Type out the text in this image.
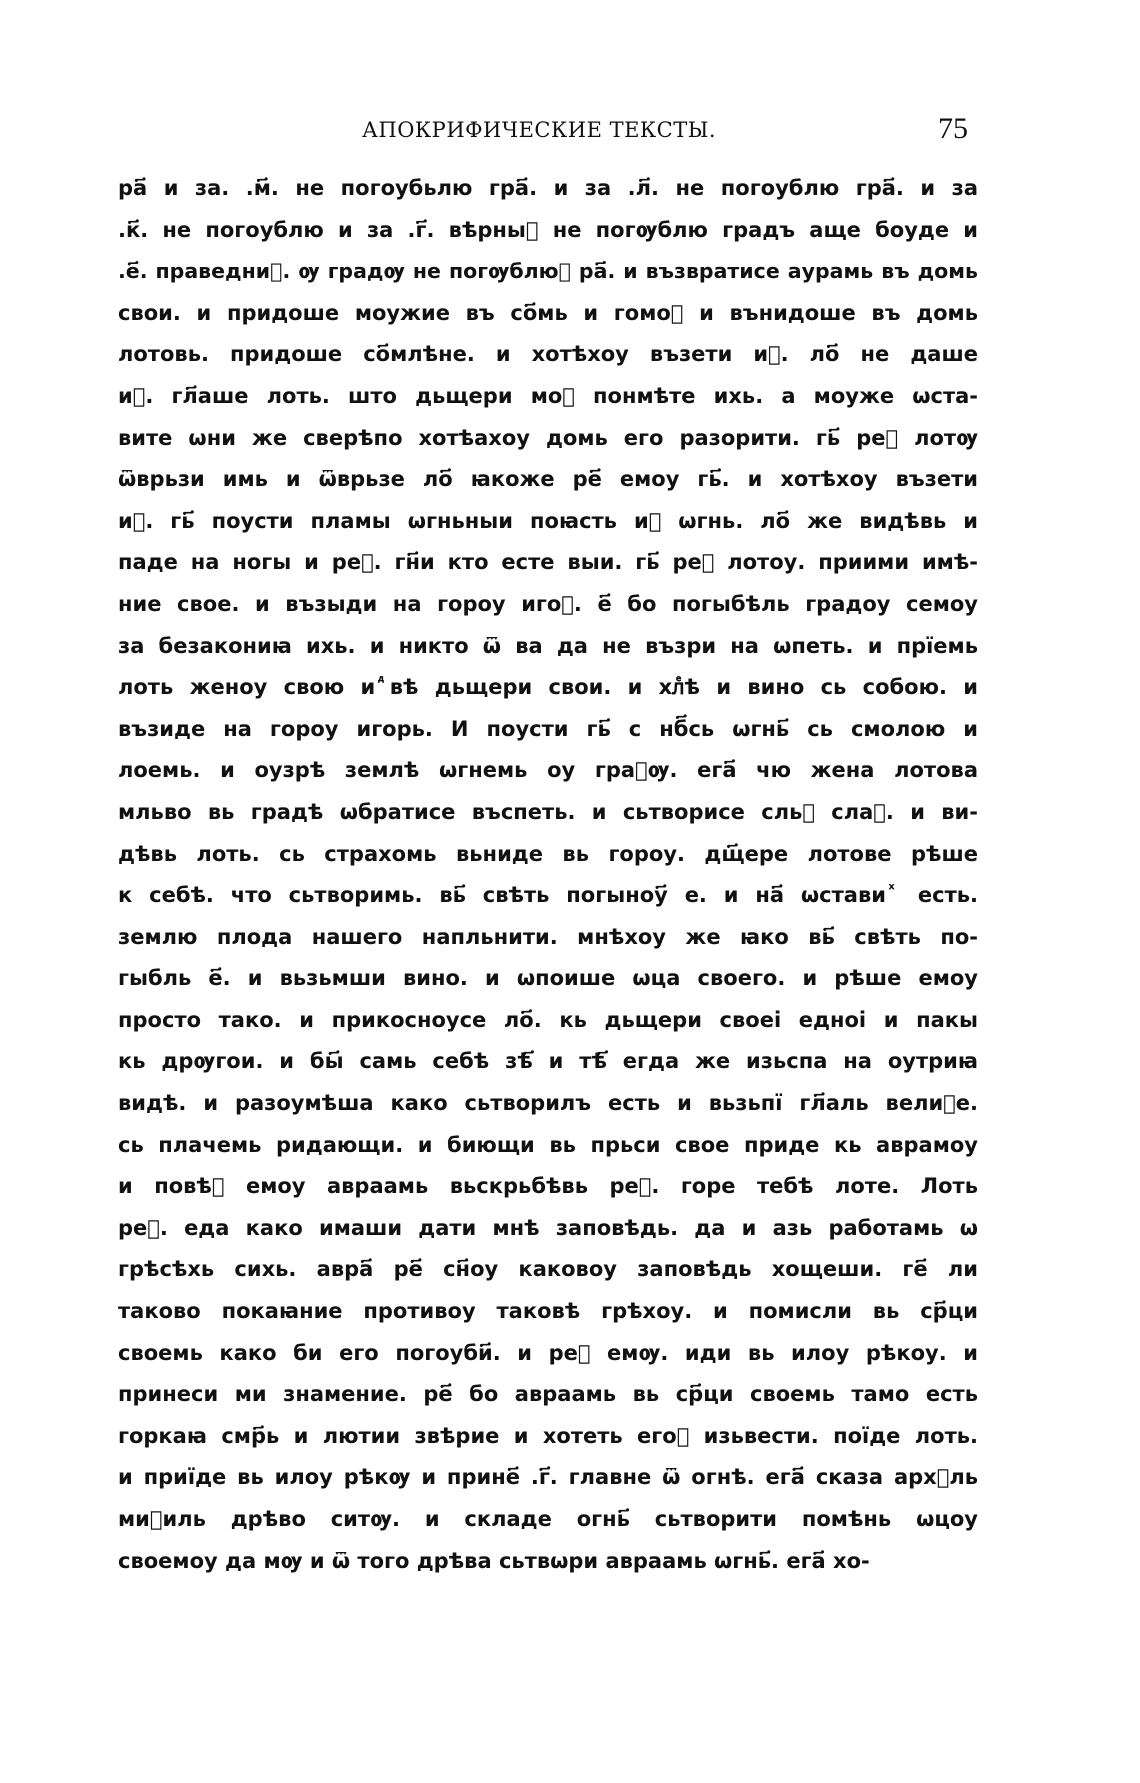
АПОКРИФИЧЕСКИЕ ТЕКСТЫ.	75
ра҃ и за. .м҃. не погоубьлю гра҃. и за .л҃. не погоублю гра҃. и за
.к҃. не погоублю и за .г҃. вѣрныⷯ не погѹблю градъ аще боуде и
.е҃. праведниⷦ. ѹ градѹ не погѹблюⷢ ра҃. и възвратисе аурамь въ домь
свои. и придоше моужие въ со҃мь и гомоⷬ и вънидоше въ домь
лотовь. придоше со҃млѣне. и хотѣхоу възети иⷯ. ло҃ не даше
иⷯ. гл҃аше лоть. што дьщери моⷪ понмѣте ихь. а моуже ѡста-
вите ѡни же сверѣпо хотѣахоу домь его разорити. гь҃ реⷱ лотѹ
ѿврьзи имь и ѿврьзе ло҃ ꙗкоже ре҃ емоу гь҃. и хотѣхоу възети
иⷯ. гь҃ поусти пламы ѡгньныи поꙗсть иⷯ ѡгнь. ло҃ же видѣвь и
паде на ногы и реⷱ. гн҃и кто есте выи. гь҃ реⷱ лотоу. приими имѣ-
ние свое. и възыди на гороу игоⷬ. е҃ бо погыбѣль градоу семоу
за безакониꙗ ихь. и никто ѿ ва да не възри на ѡпеть. и прїемь
лоть женоу свою и ⷣвѣ дьщери свои. и хлⷷѣ и вино сь собою. и
възиде на гороу игорь. И поусти гь҃ с нб҃сь ѡгнь҃ сь смолою и
лоемь. и оузрѣ землѣ ѡгнемь оу граⷣѹ. ега҃ чю жена лотова
мльво вь градѣ ѡбратисе въспеть. и сьтворисе сльⷫ слаⷩ. и ви-
дѣвь лоть. сь страхомь вьниде вь гороу. дщ҃ере лотове рѣше
к себѣ. что сьтворимь. вь҃ свѣть погыноу҃ е. и на҃ ѡстави ⷯ есть.
землю плода нашего напльнити. мнѣхоу же ꙗко вь҃ свѣть по-
гыбль е҃. и вьзьмши вино. и ѡпоише ѡца своего. и рѣше емоу
просто тако. и прикосноусе ло҃. кь дьщери своеі едноі и пакы
кь дрѹгои. и бы҃ самь себѣ зѣ҃ и тѣ҃ егда же изьспа на оутриꙗ
видѣ. и разоумѣша како сьтворилъ есть и вьзьпї гл҃аль велиⷷе.
сь плачемь ридающи. и биющи вь прьси свое приде кь аврамоу
и повѣⷭ емоу авраамь вьскрьбѣвь реⷱ. горе тебѣ лоте. Лоть
реⷱ. еда како имаши дати мнѣ заповѣдь. да и азь работамь ѡ
грѣсѣхь сихь. авра҃ ре҃ сн҃оу каковоу заповѣдь хощеши. ге҃ ли
таково покаꙗние противоу таковѣ грѣхоу. и помисли вь ср҃ци
своемь како би его погоуби҃. и реⷱ емѹ. иди вь илоу рѣкоу. и
принеси ми знамение. ре҃ бо авраамь вь ср҃ци своемь тамо есть
горкаꙗ смр҃ь и лютии звѣрие и хотеть егоⷪ изьвести. поїде лоть.
и приїде вь илоу рѣкѹ и прине҃ .г҃. главне ѿ огнѣ. ега҃ сказа архⷬль
миⷯиль дрѣво ситѹ. и складе огнь҃ сьтворити помѣнь ѡцоу
своемоу да мѹ и ѿ того дрѣва сьтвѡри авраамь ѡгнь҃. ега҃ хо-
